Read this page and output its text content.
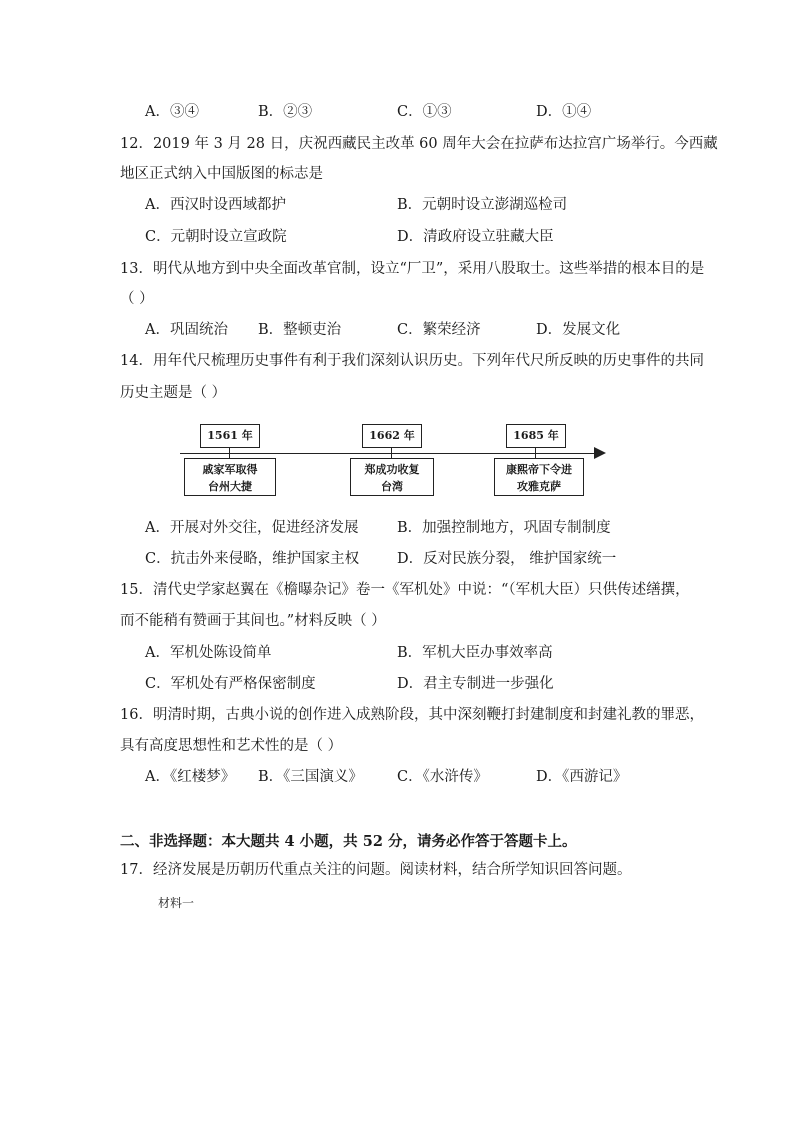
A．③④	B．②③	C．①③	D．①④
12．2019 年 3 月 28 日，庆祝西藏民主改革 60 周年大会在拉萨布达拉宫广场举行。今西藏
地区正式纳入中国版图的标志是
A．西汉时设西域都护	B．元朝时设立澎湖巡检司
C．元朝时设立宣政院	D．清政府设立驻藏大臣
13．明代从地方到中央全面改革官制，设立“厂卫”，采用八股取士。这些举措的根本目的是
（ ）
A．巩固统治 B．整顿吏治	C．繁荣经济	D．发展文化
14．用年代尺梳理历史事件有利于我们深刻认识历史。下列年代尺所反映的历史事件的共同
历史主题是（ ）
1561 年
戚家军取得
台州大捷
1662 年
郑成功收复
台湾
1685 年
康熙帝下令进
攻雅克萨
A．开展对外交往，促进经济发展	B．加强控制地方，巩固专制制度
C．抗击外来侵略，维护国家主权	D．反对民族分裂， 维护国家统一
15．清代史学家赵翼在《檐曝杂记》卷一《军机处》中说：“（军机大臣）只供传述缮撰，
而不能稍有赞画于其间也。”材料反映（ ）
A．军机处陈设简单	B．军机大臣办事效率高
C．军机处有严格保密制度	D．君主专制进一步强化
16．明清时期，古典小说的创作进入成熟阶段，其中深刻鞭打封建制度和封建礼教的罪恶，
具有高度思想性和艺术性的是（ ）
A．《红楼梦》 B．《三国演义》 C．《水浒传》	D．《西游记》
二、非选择题：本大题共 4 小题，共 52 分，请务必作答于答题卡上。
17．经济发展是历朝历代重点关注的问题。阅读材料，结合所学知识回答问题。
材料一
